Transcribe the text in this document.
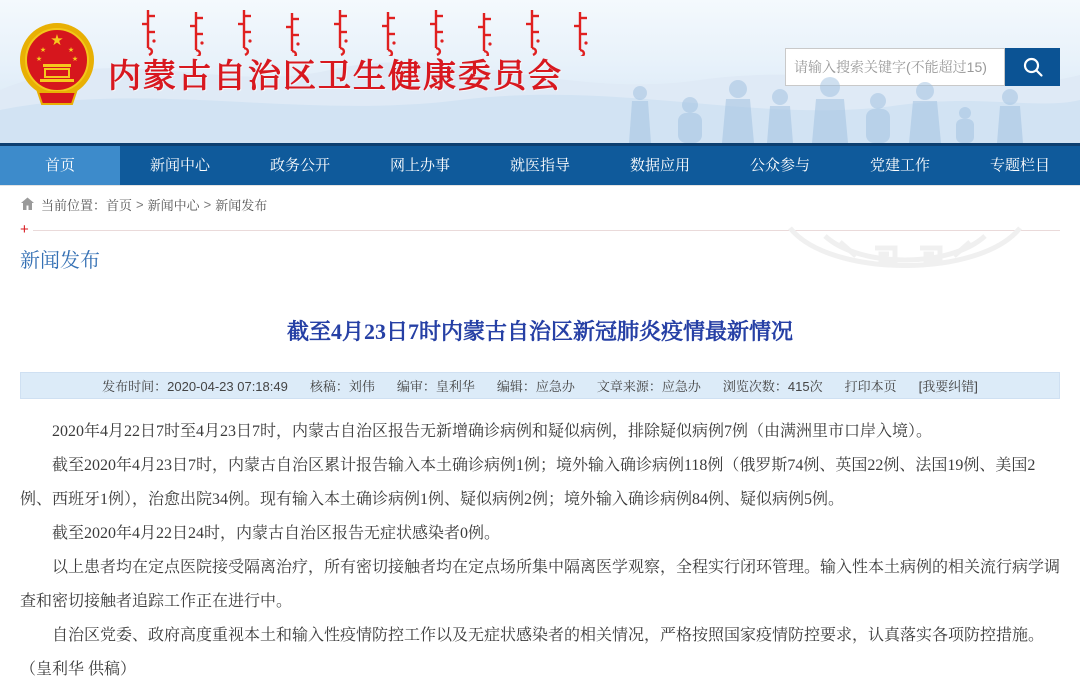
★
★	★
★	★ 内蒙古自治区卫生健康委员会
请输入搜索关键字(不能超过15)
首页	新闻中心	政务公开	网上办事	就医指导	数据应用	公众参与	党建工作	专题栏目
当前位置： 首页 > 新闻中心 > 新闻发布
+
新闻发布
截至4月23日7时内蒙古自治区新冠肺炎疫情最新情况
发布时间：2020-04-23 07:18:49 核稿：刘伟 编审：皇利华 编辑：应急办 文章来源：应急办 浏览次数：415次 打印本页 [我要纠错]

2020年4月22日7时至4月23日7时，内蒙古自治区报告无新增确诊病例和疑似病例，排除疑似病例7例（由满洲里市口岸入境）。

截至2020年4月23日7时，内蒙古自治区累计报告输入本土确诊病例1例；境外输入确诊病例118例（俄罗斯74例、英国22例、法国19例、美国2例、西班牙1例），治愈出院34例。现有输入本土确诊病例1例、疑似病例2例；境外输入确诊病例84例、疑似病例5例。

截至2020年4月22日24时，内蒙古自治区报告无症状感染者0例。

以上患者均在定点医院接受隔离治疗，所有密切接触者均在定点场所集中隔离医学观察，全程实行闭环管理。输入性本土病例的相关流行病学调查和密切接触者追踪工作正在进行中。

自治区党委、政府高度重视本土和输入性疫情防控工作以及无症状感染者的相关情况，严格按照国家疫情防控要求，认真落实各项防控措施。（皇利华 供稿）
